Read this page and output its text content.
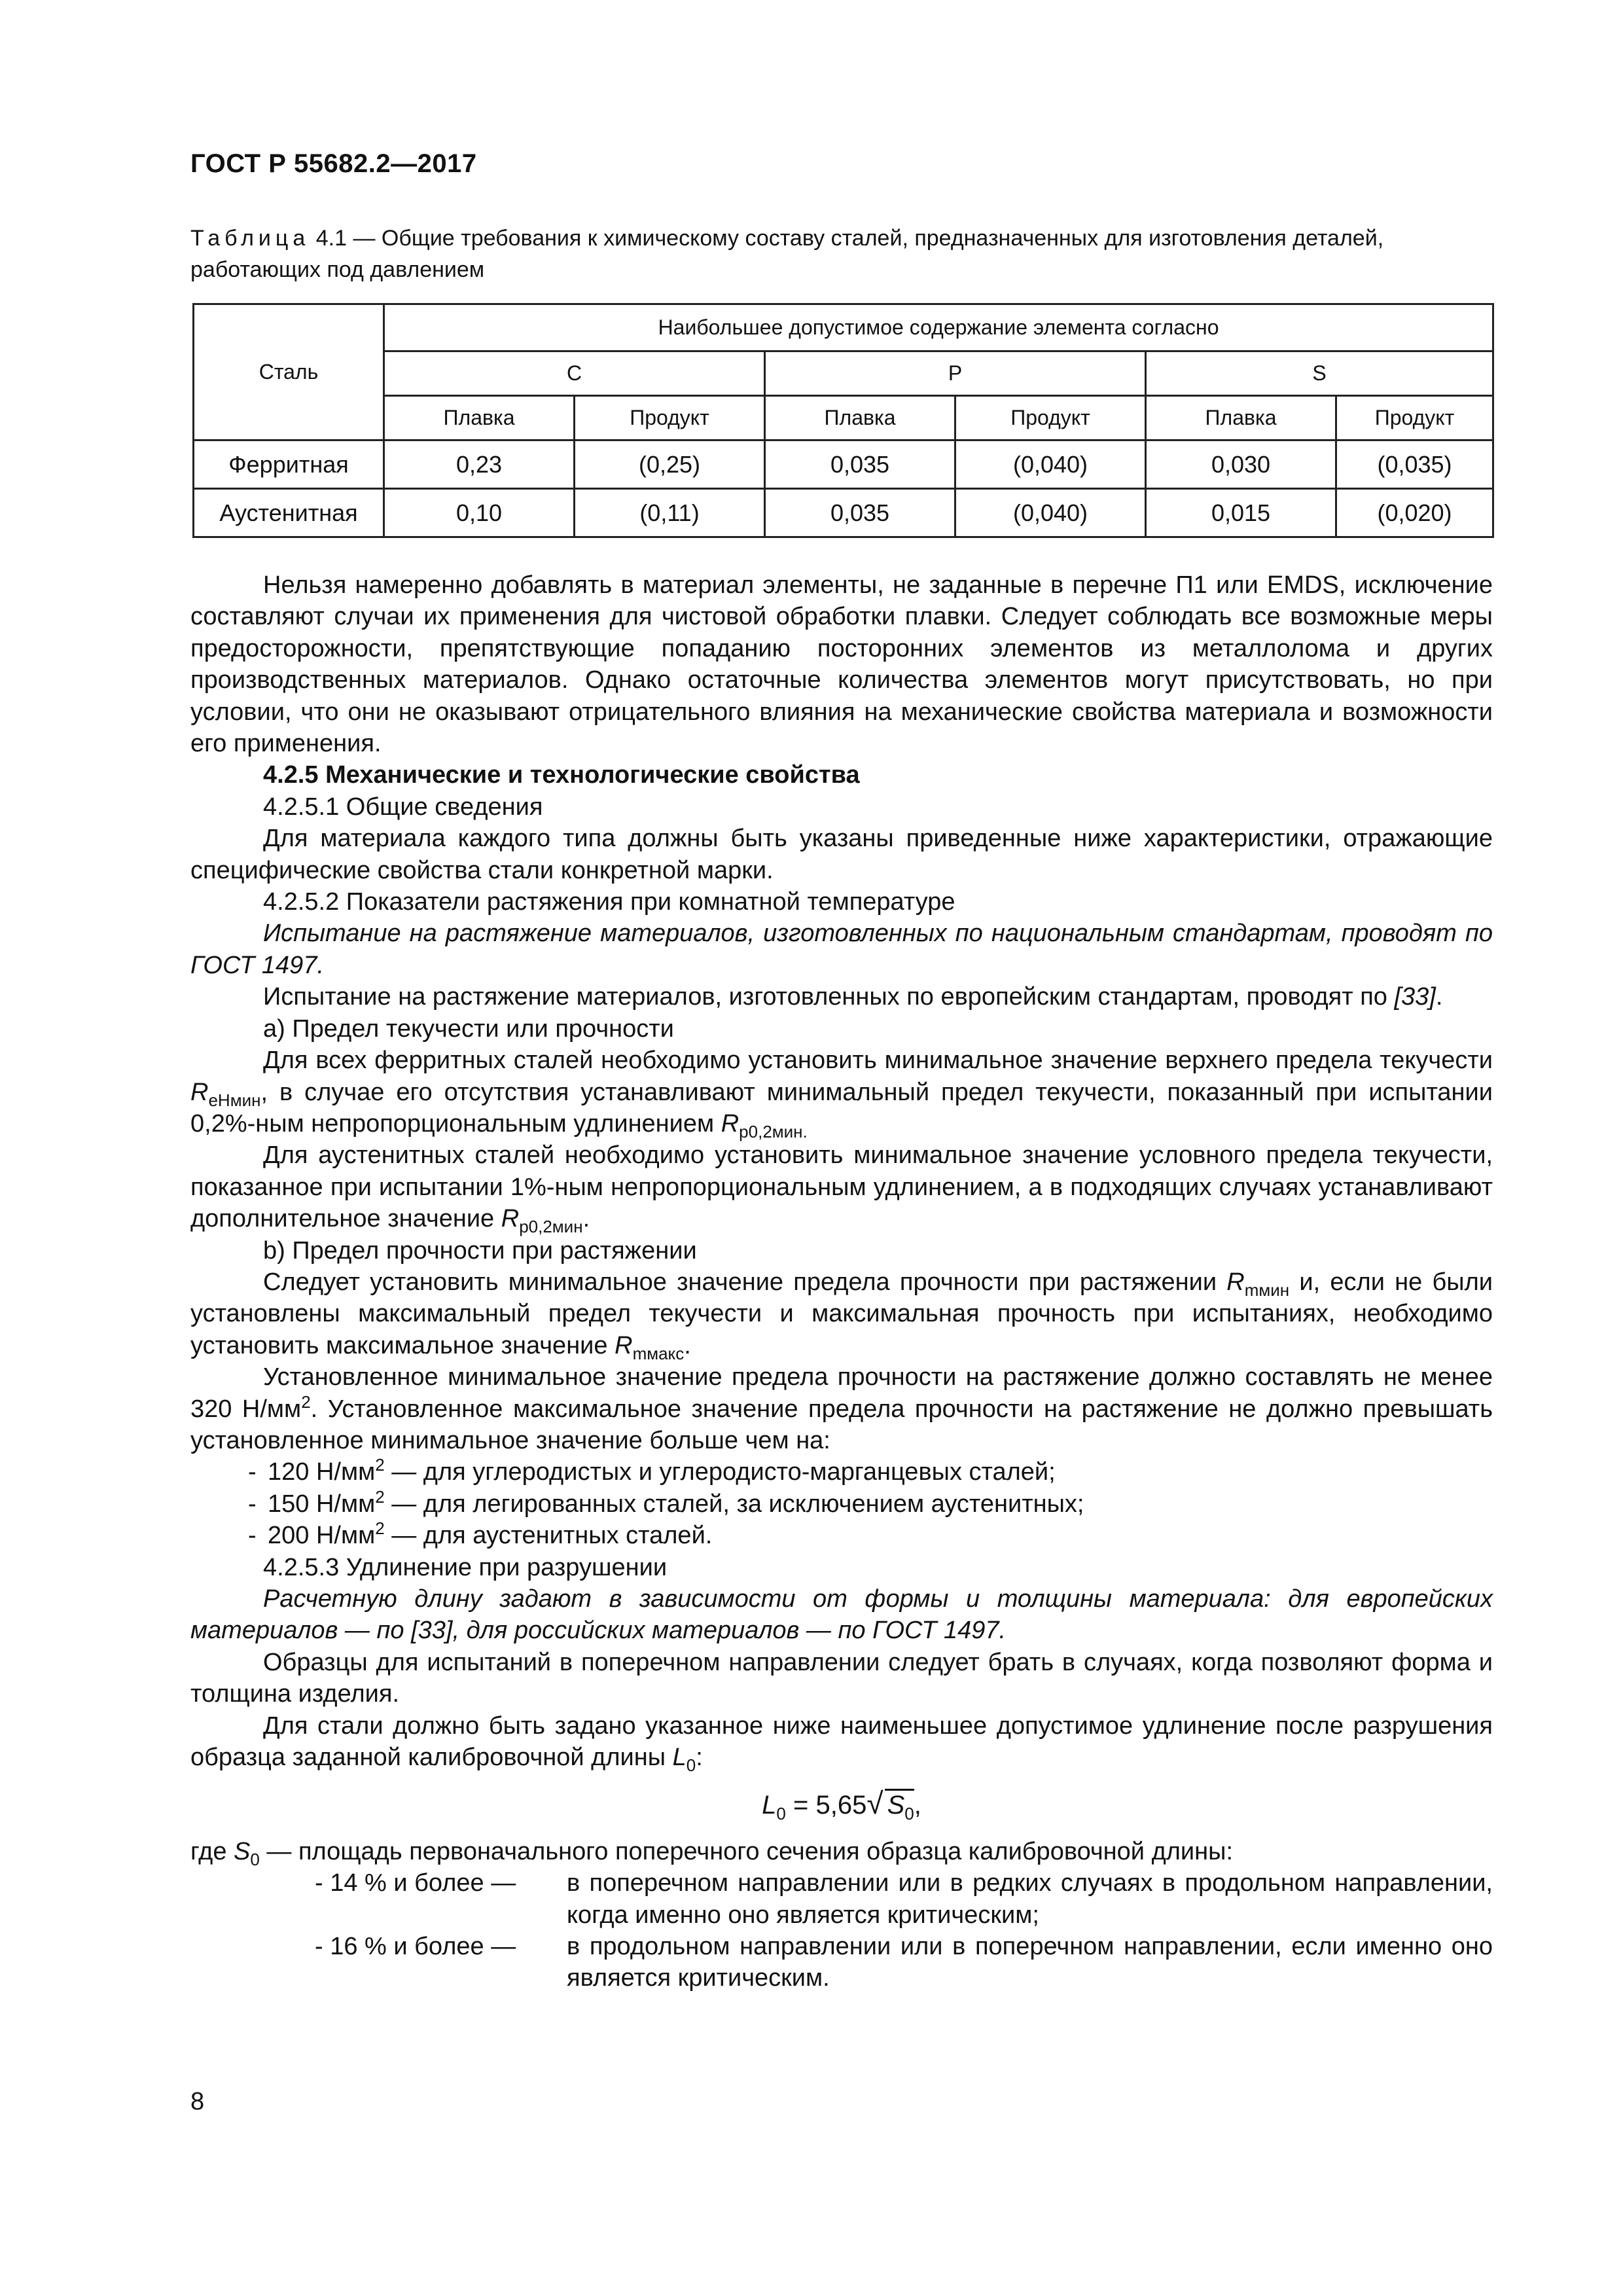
ГОСТ Р 55682.2—2017
Таблица 4.1 — Общие требования к химическому составу сталей, предназначенных для изготовления деталей, работающих под давлением
Сталь	Наибольшее допустимое содержание элемента согласно					
	C		P		S	
	Плавка	Продукт	Плавка	Продукт	Плавка	Продукт
Ферритная	0,23	(0,25)	0,035	(0,040)	0,030	(0,035)
Аустенитная	0,10	(0,11)	0,035	(0,040)	0,015	(0,020)

Нельзя намеренно добавлять в материал элементы, не заданные в перечне П1 или EMDS, исключение составляют случаи их применения для чистовой обработки плавки. Следует соблюдать все возможные меры предосторожности, препятствующие попаданию посторонних элементов из металлолома и других производственных материалов. Однако остаточные количества элементов могут присутствовать, но при условии, что они не оказывают отрицательного влияния на механические свойства материала и возможности его применения.

4.2.5 Механические и технологические свойства

4.2.5.1 Общие сведения

Для материала каждого типа должны быть указаны приведенные ниже характеристики, отражающие специфические свойства стали конкретной марки.

4.2.5.2 Показатели растяжения при комнатной температуре

Испытание на растяжение материалов, изготовленных по национальным стандартам, проводят по ГОСТ 1497.

Испытание на растяжение материалов, изготовленных по европейским стандартам, проводят по [33].

а) Предел текучести или прочности

Для всех ферритных сталей необходимо установить минимальное значение верхнего предела текучести $R_{eHмин}$, в случае его отсутствия устанавливают минимальный предел текучести, показанный при испытании 0,2%-ным непропорциональным удлинением $R_{p0,2мин.}$

Для аустенитных сталей необходимо установить минимальное значение условного предела текучести, показанное при испытании 1%-ным непропорциональным удлинением, а в подходящих случаях устанавливают дополнительное значение $R_{p0,2мин}$.

b) Предел прочности при растяжении

Следует установить минимальное значение предела прочности при растяжении $R_{mмин}$ и, если не были установлены максимальный предел текучести и максимальная прочность при испытаниях, необходимо установить максимальное значение $R_{mмакс}$.

Установленное минимальное значение предела прочности на растяжение должно составлять не менее 320 $Н/мм^2$. Установленное максимальное значение предела прочности на растяжение не должно превышать установленное минимальное значение больше чем на:

- 120 $Н/мм^2$ — для углеродистых и углеродисто-марганцевых сталей;

- 150 $Н/мм^2$ — для легированных сталей, за исключением аустенитных;

- 200 $Н/мм^2$ — для аустенитных сталей.

4.2.5.3 Удлинение при разрушении

Расчетную длину задают в зависимости от формы и толщины материала: для европейских материалов — по [33], для российских материалов — по ГОСТ 1497.

Образцы для испытаний в поперечном направлении следует брать в случаях, когда позволяют форма и толщина изделия.

Для стали должно быть задано указанное ниже наименьшее допустимое удлинение после разрушения образца заданной калибровочной длины $L_0$:

$L_0 = 5,65√$ $S_0$,

где $S_0$ — площадь первоначального поперечного сечения образца калибровочной длины:

- 14 % и более — в поперечном направлении или в редких случаях в продольном направлении, когда именно оно является критическим;

- 16 % и более — в продольном направлении или в поперечном направлении, если именно оно является критическим.

8
